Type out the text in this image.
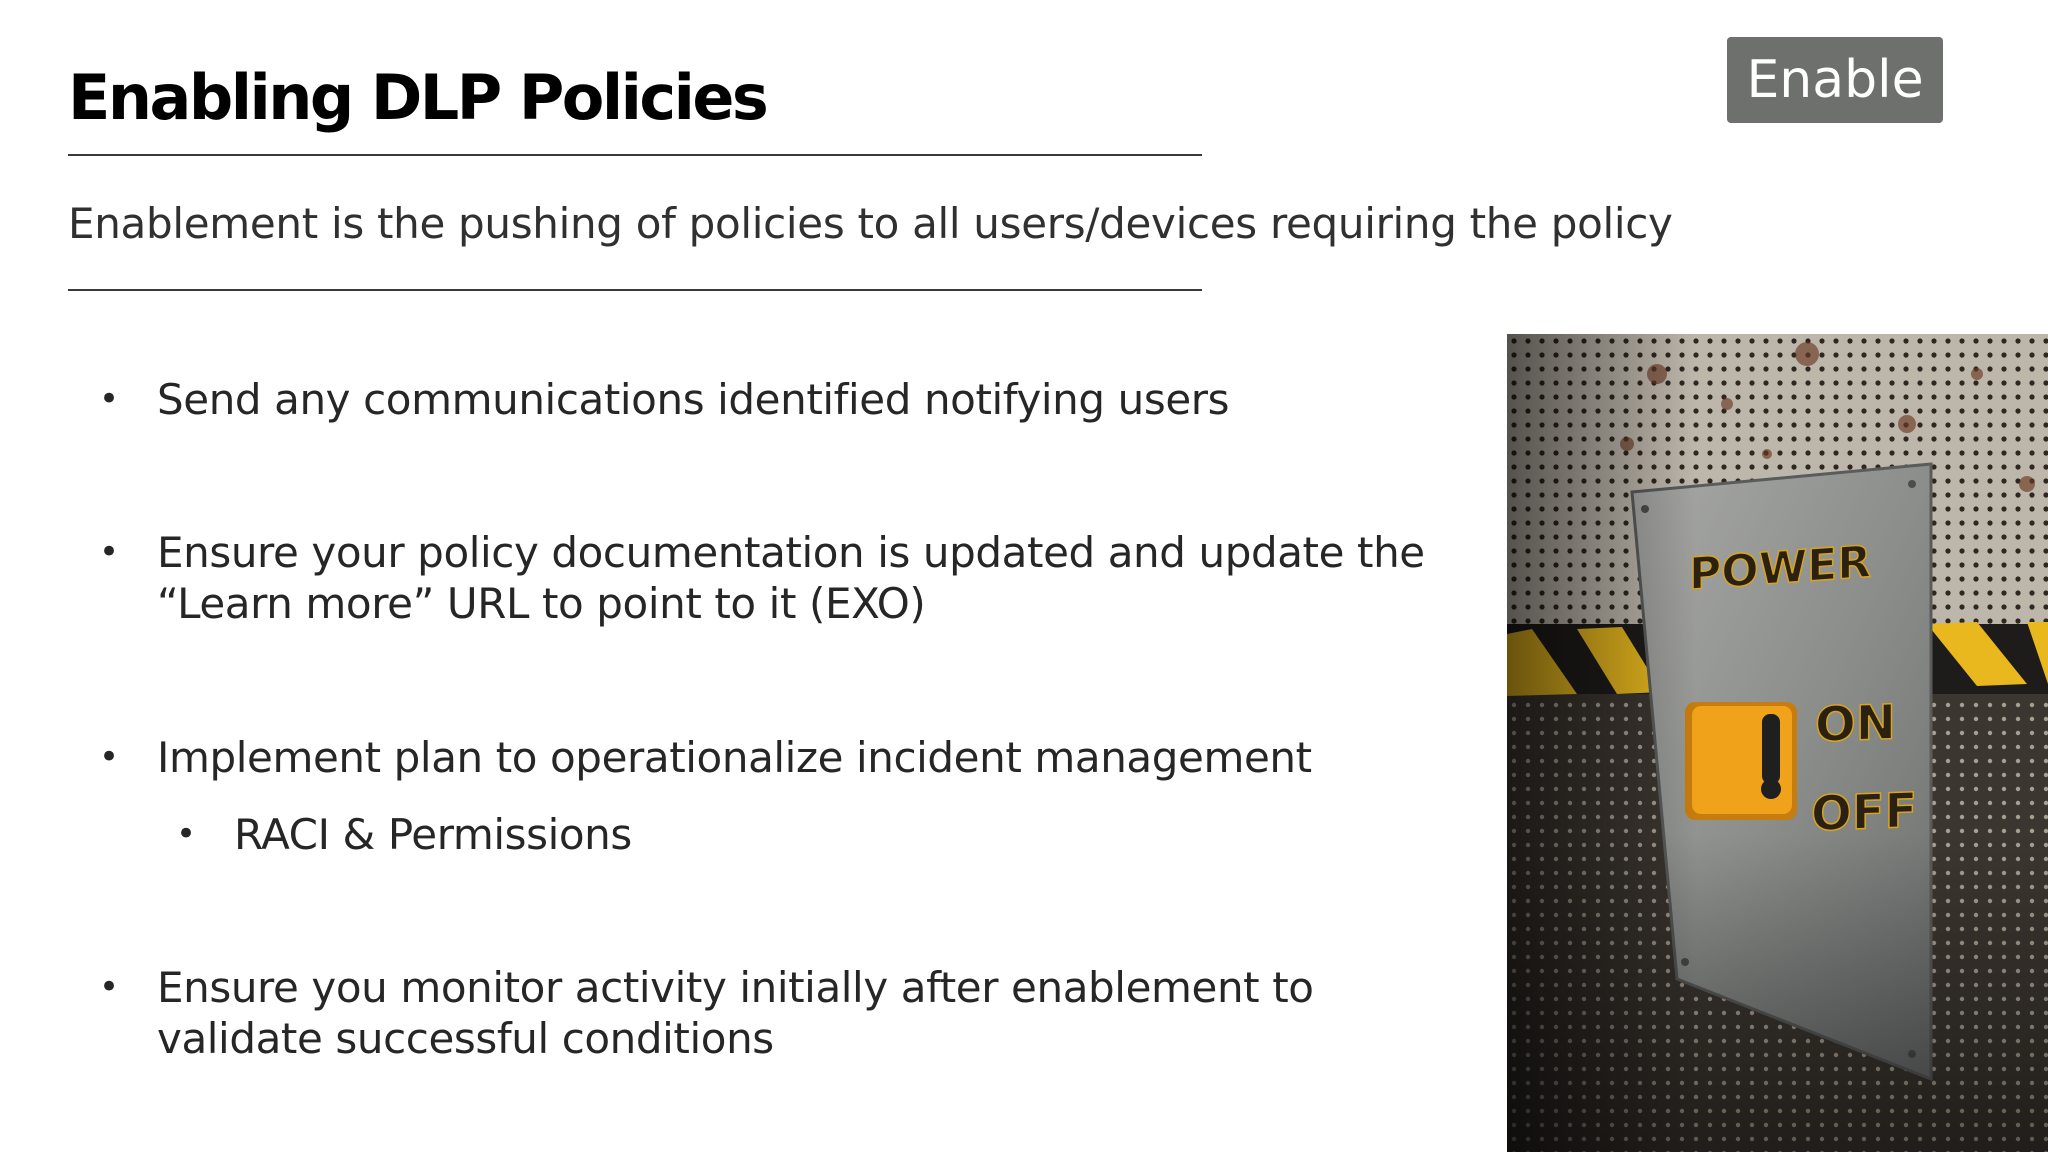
Enabling DLP Policies
Enablement is the pushing of policies to all users/devices requiring the policy
Enable
• Send any communications identified notifying users
• Ensure your policy documentation is updated and update the “Learn more” URL to point to it (EXO)
• Implement plan to operationalize incident management
• RACI & Permissions
• Ensure you monitor activity initially after enablement to validate successful conditions
